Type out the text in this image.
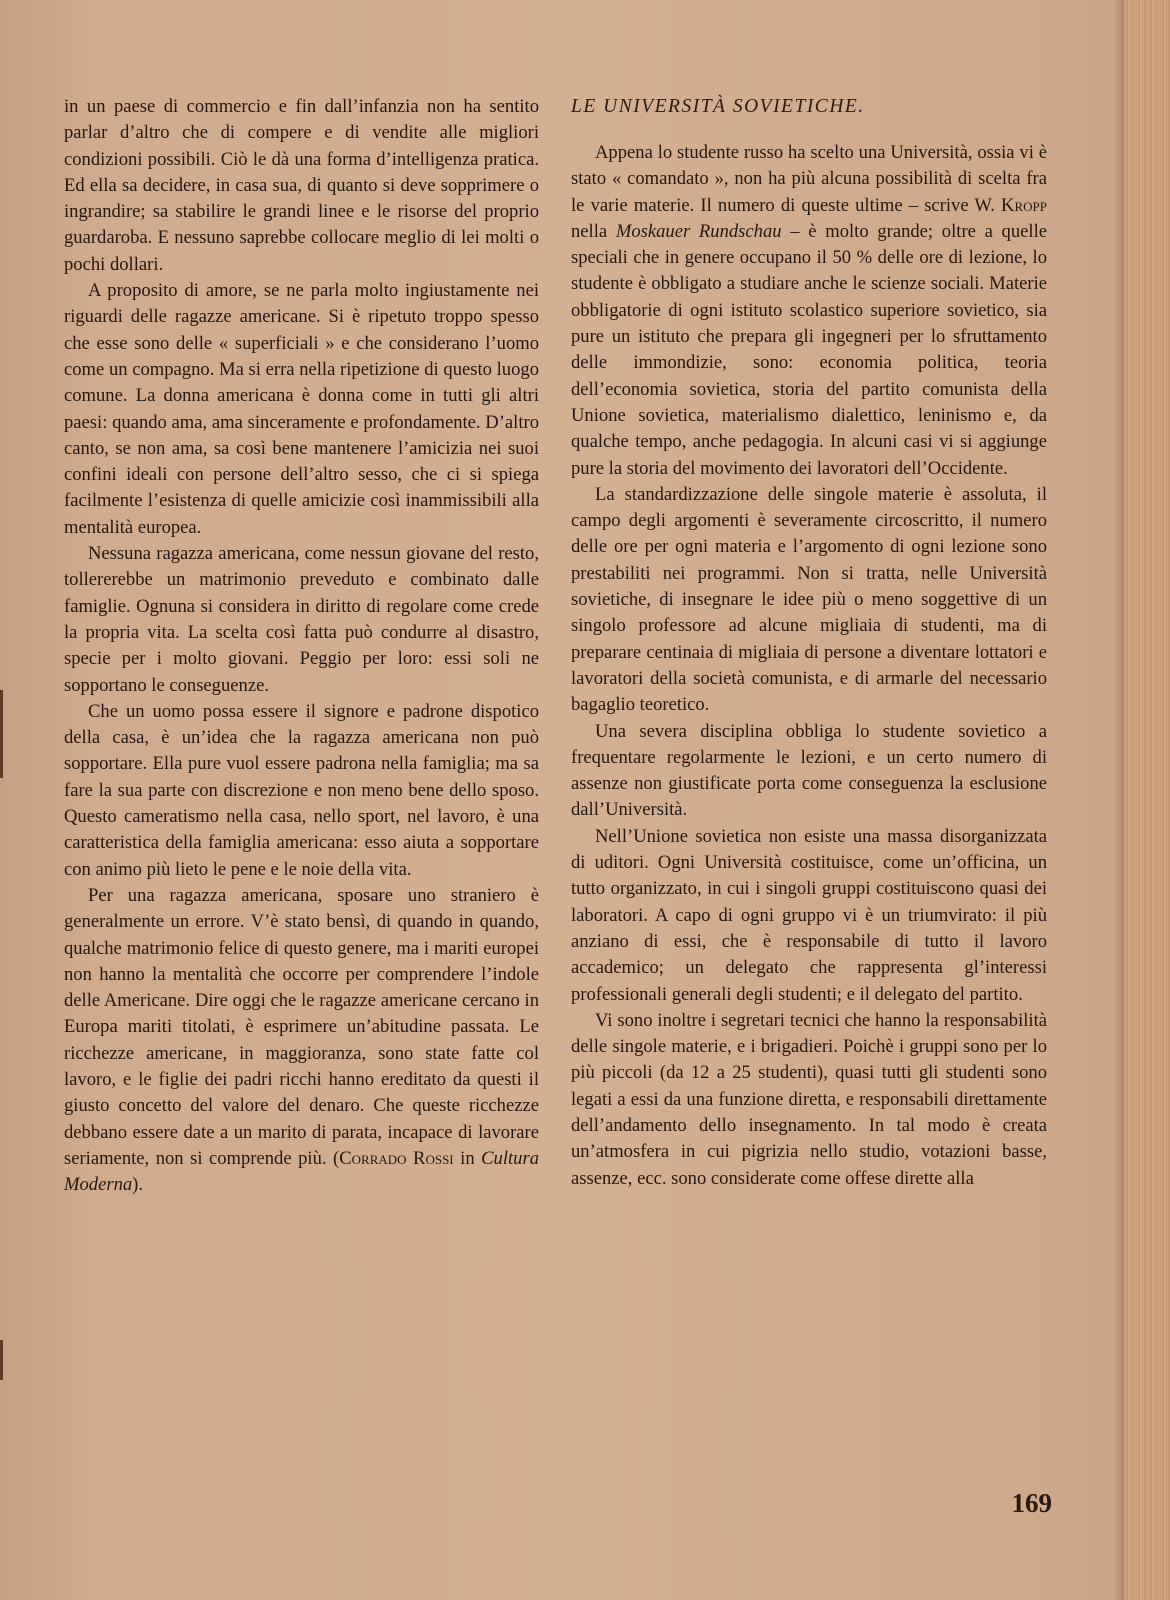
in un paese di commercio e fin dall’infanzia non ha sentito parlar d’altro che di compere e di vendite alle migliori condizioni possibili. Ciò le dà una forma d’intelligenza pratica. Ed ella sa decidere, in casa sua, di quanto si deve sopprimere o ingrandire; sa stabilire le grandi linee e le risorse del proprio guardaroba. E nessuno saprebbe collocare meglio di lei molti o pochi dollari.

A proposito di amore, se ne parla molto ingiustamente nei riguardi delle ragazze americane. Si è ripetuto troppo spesso che esse sono delle « superficiali » e che considerano l’uomo come un compagno. Ma si erra nella ripetizione di questo luogo comune. La donna americana è donna come in tutti gli altri paesi: quando ama, ama sinceramente e profondamente. D’altro canto, se non ama, sa così bene mantenere l’amicizia nei suoi confini ideali con persone dell’altro sesso, che ci si spiega facilmente l’esistenza di quelle amicizie così inammissibili alla mentalità europea.

Nessuna ragazza americana, come nessun giovane del resto, tollererebbe un matrimonio preveduto e combinato dalle famiglie. Ognuna si considera in diritto di regolare come crede la propria vita. La scelta così fatta può condurre al disastro, specie per i molto giovani. Peggio per loro: essi soli ne sopportano le conseguenze.

Che un uomo possa essere il signore e padrone dispotico della casa, è un’idea che la ragazza americana non può sopportare. Ella pure vuol essere padrona nella famiglia; ma sa fare la sua parte con discrezione e non meno bene dello sposo. Questo cameratismo nella casa, nello sport, nel lavoro, è una caratteristica della famiglia americana: esso aiuta a sopportare con animo più lieto le pene e le noie della vita.

Per una ragazza americana, sposare uno straniero è generalmente un errore. V’è stato bensì, di quando in quando, qualche matrimonio felice di questo genere, ma i mariti europei non hanno la mentalità che occorre per comprendere l’indole delle Americane. Dire oggi che le ragazze americane cercano in Europa mariti titolati, è esprimere un’abitudine passata. Le ricchezze americane, in maggioranza, sono state fatte col lavoro, e le figlie dei padri ricchi hanno ereditato da questi il giusto concetto del valore del denaro. Che queste ricchezze debbano essere date a un marito di parata, incapace di lavorare seriamente, non si comprende più. (Corrado Rossi in Cultura Moderna).

LE UNIVERSITÀ SOVIETICHE.

Appena lo studente russo ha scelto una Università, ossia vi è stato « comandato », non ha più alcuna possibilità di scelta fra le varie materie. Il numero di queste ultime – scrive W. Kropp nella Moskauer Rundschau – è molto grande; oltre a quelle speciali che in genere occupano il 50 % delle ore di lezione, lo studente è obbligato a studiare anche le scienze sociali. Materie obbligatorie di ogni istituto scolastico superiore sovietico, sia pure un istituto che prepara gli ingegneri per lo sfruttamento delle immondizie, sono: economia politica, teoria dell’economia sovietica, storia del partito comunista della Unione sovietica, materialismo dialettico, leninismo e, da qualche tempo, anche pedagogia. In alcuni casi vi si aggiunge pure la storia del movimento dei lavoratori dell’Occidente.

La standardizzazione delle singole materie è assoluta, il campo degli argomenti è severamente circoscritto, il numero delle ore per ogni materia e l’argomento di ogni lezione sono prestabiliti nei programmi. Non si tratta, nelle Università sovietiche, di insegnare le idee più o meno soggettive di un singolo professore ad alcune migliaia di studenti, ma di preparare centinaia di migliaia di persone a diventare lottatori e lavoratori della società comunista, e di armarle del necessario bagaglio teoretico.

Una severa disciplina obbliga lo studente sovietico a frequentare regolarmente le lezioni, e un certo numero di assenze non giustificate porta come conseguenza la esclusione dall’Università.

Nell’Unione sovietica non esiste una massa disorganizzata di uditori. Ogni Università costituisce, come un’officina, un tutto organizzato, in cui i singoli gruppi costituiscono quasi dei laboratori. A capo di ogni gruppo vi è un triumvirato: il più anziano di essi, che è responsabile di tutto il lavoro accademico; un delegato che rappresenta gl’interessi professionali generali degli studenti; e il delegato del partito.

Vi sono inoltre i segretari tecnici che hanno la responsabilità delle singole materie, e i brigadieri. Poichè i gruppi sono per lo più piccoli (da 12 a 25 studenti), quasi tutti gli studenti sono legati a essi da una funzione diretta, e responsabili direttamente dell’andamento dello insegnamento. In tal modo è creata un’atmosfera in cui pigrizia nello studio, votazioni basse, assenze, ecc. sono considerate come offese dirette alla

169
